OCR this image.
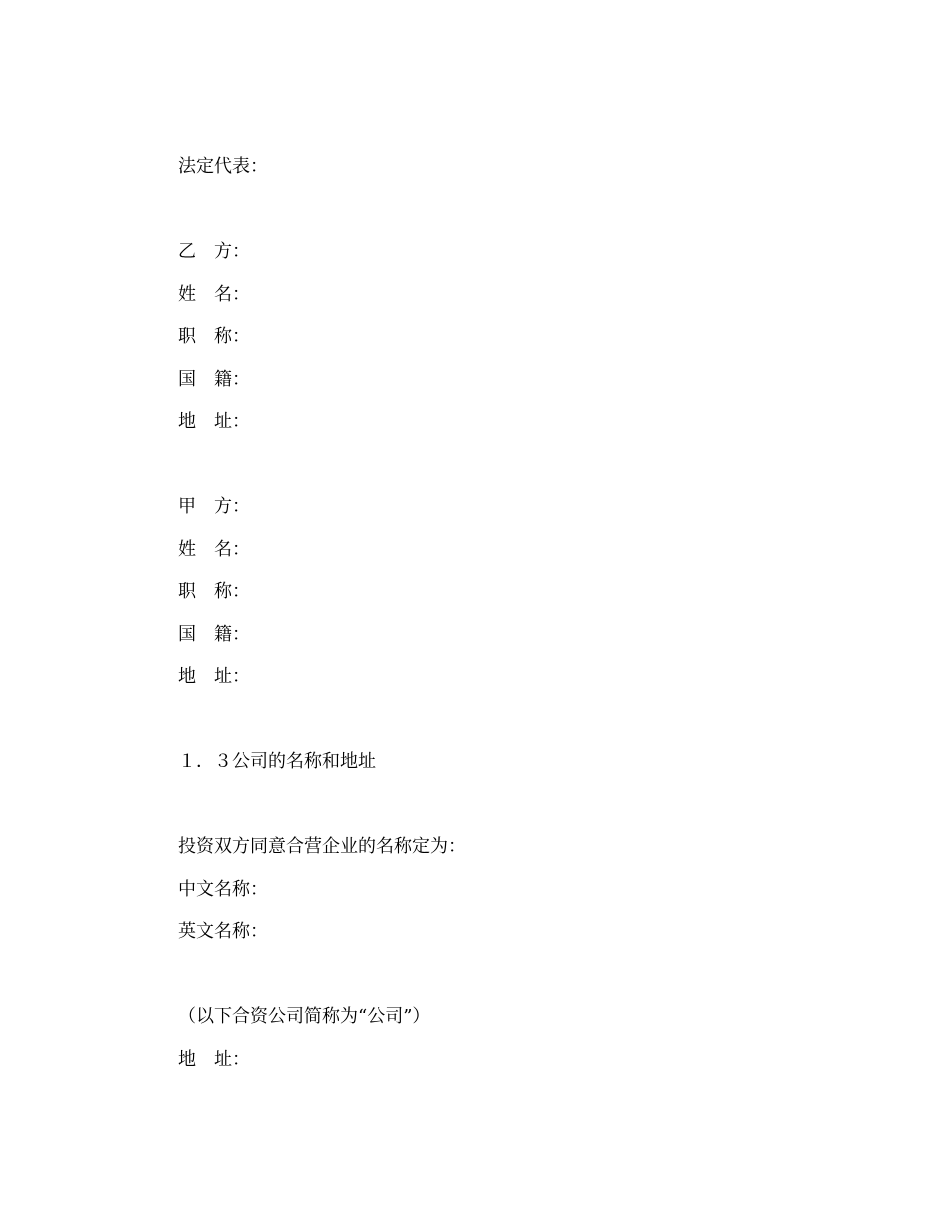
法定代表：
乙　方：
姓　名：
职　称：
国　籍：
地　址：
甲　方：
姓　名：
职　称：
国　籍：
地　址：
１．３公司的名称和地址
投资双方同意合营企业的名称定为：
中文名称：
英文名称：
（以下合资公司简称为“公司”）
地　址：
